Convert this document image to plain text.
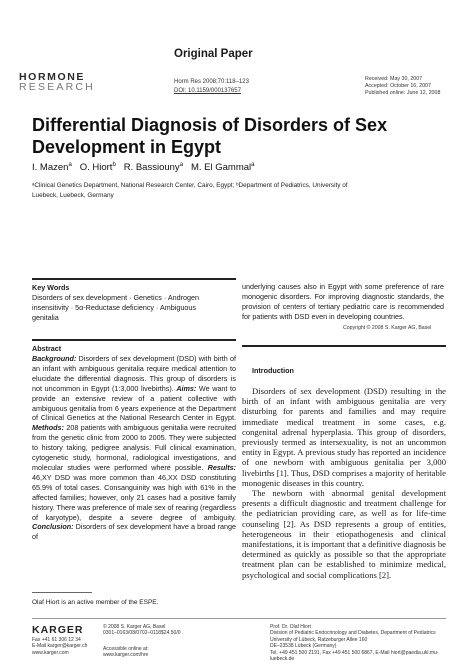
Original Paper
HORMONE
RESEARCH	Horm Res 2008;70:118–123
DOI: 10.1159/000137657
Received: May 30, 2007
Accepted: October 16, 2007
Published online: June 12, 2008
Differential Diagnosis of Disorders of Sex
Development in Egypt
I. Mazen$^a$ O. Hiort$^b$ R. Bassiouny$^a$ M. El Gammal$^a$
ᵃClinical Genetics Department, National Research Center, Cairo, Egypt; ᵇDepartment of Pediatrics, University of
Luebeck, Luebeck, Germany
Key Words
Disorders of sex development · Genetics · Androgen
insensitivity · 5α-Reductase deficiency · Ambiguous
genitalia
Abstract
Background: Disorders of sex development (DSD) with birth of an infant with ambiguous genitalia require medical attention to elucidate the differential diagnosis. This group of disorders is not uncommon in Egypt (1:3,000 livebirths). Aims: We want to provide an extensive review of a patient collective with ambiguous genitalia from 6 years experience at the Department of Clinical Genetics at the National Research Center in Egypt. Methods: 208 patients with ambiguous genitalia were recruited from the genetic clinic from 2000 to 2005. They were subjected to history taking, pedigree analysis. Full clinical examination, cytogenetic study, hormonal, radiological investigations, and molecular studies were performed where possible. Results: 46,XY DSD was more common than 46,XX DSD constituting 65.9% of total cases. Consanguinity was high with 61% in the affected families; however, only 21 cases had a positive family history. There was preference of male sex of rearing (regardless of karyotype), despite a severe degree of ambiguity. Conclusion: Disorders of sex development have a broad range of
underlying causes also in Egypt with some preference of rare monogenic disorders. For improving diagnostic standards, the provision of centers of tertiary pediatric care is recommended for patients with DSD even in developing countries.
Copyright © 2008 S. Karger AG, Basel
Introduction

Disorders of sex development (DSD) resulting in the birth of an infant with ambiguous genitalia are very disturbing for parents and families and may require immediate medical treatment in some cases, e.g. congenital adrenal hyperplasia. This group of disorders, previously termed as intersexuality, is not an uncommon entity in Egypt. A previous study has reported an incidence of one newborn with ambiguous genitalia per 3,000 livebirths [1]. Thus, DSD comprises a majority of heritable monogenic diseases in this country.

The newborn with abnormal genital development presents a difficult diagnostic and treatment challenge for the pediatrician providing care, as well as for life-time counseling [2]. As DSD represents a group of entities, heterogeneous in their etiopathogenesis and clinical manifestations, it is important that a definitive diagnosis be determined as quickly as possible so that the appropriate treatment plan can be established to minimize medical, psychological and social complications [2].

Olaf Hiort is an active member of the ESPE.
KARGER
Fax +41 61 306 12 34
E-Mail karger@karger.ch
www.karger.com
© 2008 S. Karger AG, Basel
0301–0163/08/0702–0118$24.50/0
Accessible online at:
www.karger.com/hre
Prof. Dr. Olaf Hiort
Division of Pediatric Endocrinology and Diabetes, Department of Pediatrics
University of Lübeck, Ratzeburger Allee 160
DE–23538 Lübeck (Germany)
Tel. +49 451 500 2191, Fax +49 451 500 6867, E-Mail hiort@paedia.ukl.mu-luebeck.de
